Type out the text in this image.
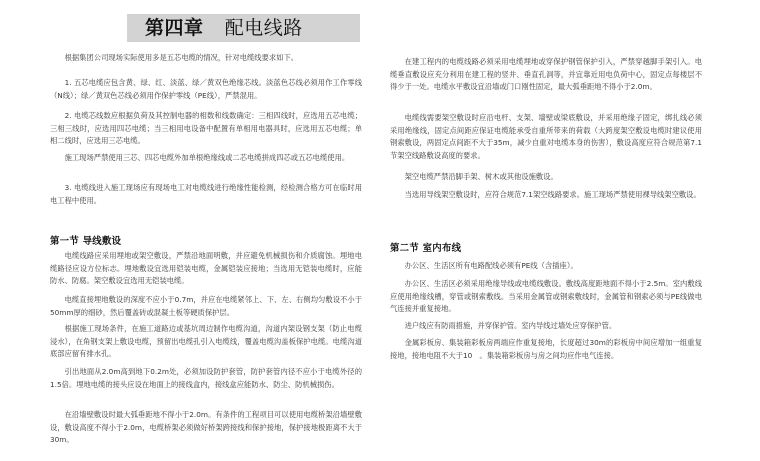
第四章 配电线路

根据集团公司现场实际使用多是五芯电缆的情况，针对电缆线要求如下。

1. 五芯电缆应包含黄、绿、红、淡蓝、绿／黄双色绝缘芯线。淡蓝色芯线必须用作工作零线（N线）；绿／黄双色芯线必须用作保护零线（PE线），严禁混用。

2. 电缆芯线数应根据负荷及其控制电器的相数和线数确定：三相四线时，应选用五芯电缆；三相三线时，应选用四芯电缆；当三相用电设备中配置有单相用电器具时，应选用五芯电缆；单相二线时，应选用三芯电缆。

施工现场严禁使用三芯、四芯电缆外加单根绝缘线或二芯电缆拼成四芯或五芯电缆使用。

3. 电缆线进入施工现场应有现场电工对电缆线进行绝缘性能检测，经检测合格方可在临时用电工程中使用。

第一节 导线敷设

电缆线路应采用埋地或架空敷设，严禁沿地面明敷，并应避免机械损伤和介质腐蚀。埋地电缆路径应设方位标志。埋地敷设宜选用铠装电缆，金属铠装应接地；当选用无铠装电缆时，应能防水、防腐。架空敷设宜选用无铠装电缆。

电缆直接埋地敷设的深度不应小于0.7m，并应在电缆紧邻上、下、左、右侧均匀敷设不小于50mm厚的细砂，然后覆盖砖或混凝土板等硬质保护层。

根据施工现场条件，在施工道路边或基坑周边制作电缆沟道，沟道内架设钢支架（防止电缆浸水），在角钢支架上敷设电缆，预留出电缆孔引入电缆线，覆盖电缆沟盖板保护电缆。电缆沟道底部应留有排水孔。

引出地面从2.0m高到地下0.2m处，必须加设防护套管，防护套管内径不应小于电缆外径的1.5倍。埋地电缆的接头应设在地面上的接线盒内，接线盒应能防水、防尘、防机械损伤。

在沿墙壁敷设时最大弧垂距地不得小于2.0m。有条件的工程项目可以使用电缆桥架沿墙壁敷设，敷设高度不得小于2.0m，电缆桥架必须做好桥架跨接线和保护接地，保护接地极距离不大于30m。

在建工程内的电缆线路必须采用电缆埋地或穿保护钢管保护引入，严禁穿越脚手架引入。电缆垂直敷设应充分利用在建工程的竖井、垂直孔洞等，并宜靠近用电负荷中心，固定点每楼层不得少于一处。电缆水平敷设宜沿墙或门口刚性固定，最大弧垂距地不得小于2.0m。

电缆线需要架空敷设时应沿电杆、支架、墙壁或梁底敷设，并采用绝缘子固定，绑扎线必须采用绝缘线，固定点间距应保证电缆能承受自重所带来的荷载（大跨度架空敷设电缆时建议使用钢索敷设，两固定点间距不大于35m，减少自重对电缆本身的伤害），敷设高度应符合规范第7.1节架空线路敷设高度的要求。

架空电缆严禁沿脚手架、树木或其他设施敷设。

当选用导线架空敷设时，应符合规范7.1架空线路要求。施工现场严禁使用裸导线架空敷设。

第二节 室内布线

办公区、生活区所有电路配线必须有PE线（含插座）。

办公区、生活区必须采用绝缘导线或电缆线敷设。敷线高度距地面不得小于2.5m。室内敷线应使用绝缘线槽，穿管或钢索敷线。当采用金属管或钢索敷线时，金属管和钢索必须与PE线做电气连接并重复接地。

进户线应有防雨措施，并穿保护管。室内导线过墙处应穿保护管。

金属彩板房、集装箱彩板房两端应作重复接地，长度超过30m的彩板房中间应增加一组重复接地，接地电阻不大于10　。集装箱彩板房与房之间均应作电气连接。
